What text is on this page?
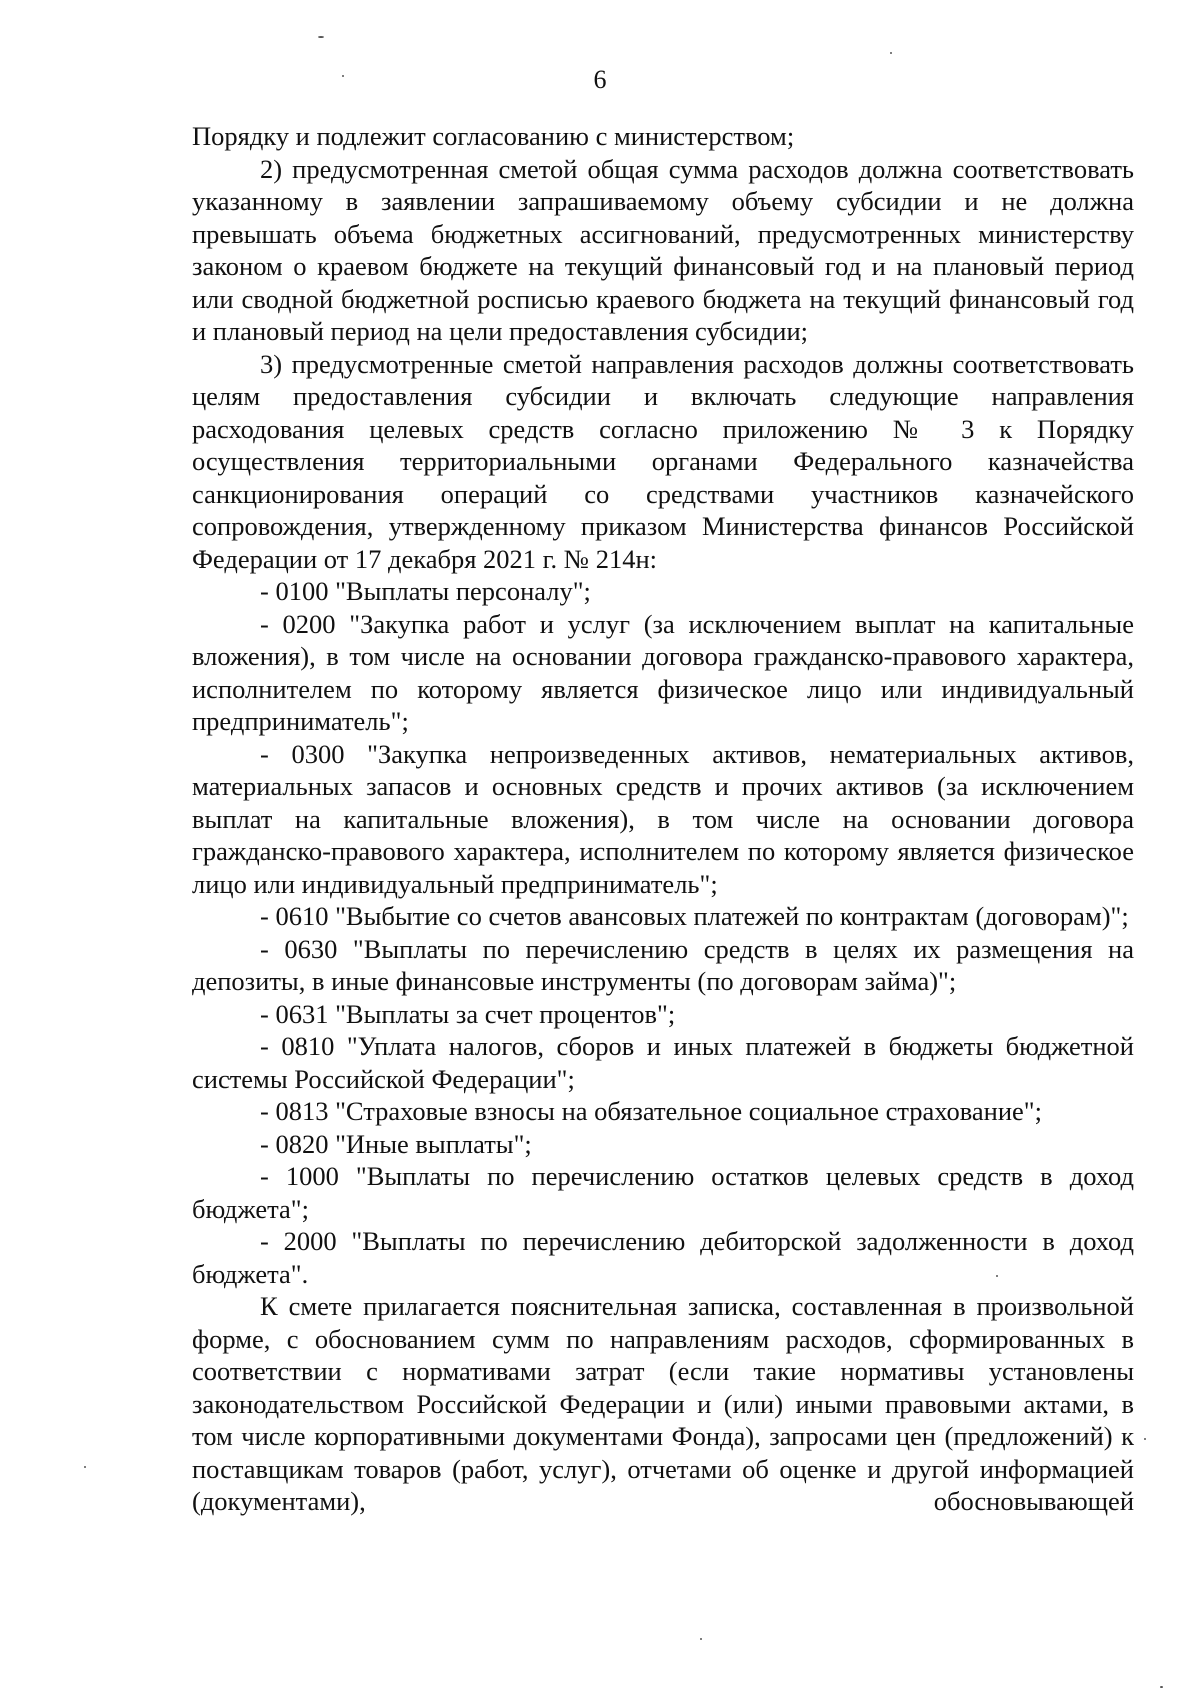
6

Порядку и подлежит согласованию с министерством;

2) предусмотренная сметой общая сумма расходов должна соответствовать указанному в заявлении запрашиваемому объему субсидии и не должна превышать объема бюджетных ассигнований, предусмотренных министерству законом о краевом бюджете на текущий финансовый год и на плановый период или сводной бюджетной росписью краевого бюджета на текущий финансовый год и плановый период на цели предоставления субсидии;

3) предусмотренные сметой направления расходов должны соответствовать целям предоставления субсидии и включать следующие направления расходования целевых средств согласно приложению № 3 к Порядку осуществления территориальными органами Федерального казначейства санкционирования операций со средствами участников казначейского сопровождения, утвержденному приказом Министерства финансов Российской Федерации от 17 декабря 2021 г. № 214н:

- 0100 "Выплаты персоналу";

- 0200 "Закупка работ и услуг (за исключением выплат на капитальные вложения), в том числе на основании договора гражданско-правового характера, исполнителем по которому является физическое лицо или индивидуальный предприниматель";

- 0300 "Закупка непроизведенных активов, нематериальных активов, материальных запасов и основных средств и прочих активов (за исключением выплат на капитальные вложения), в том числе на основании договора гражданско-правового характера, исполнителем по которому является физическое лицо или индивидуальный предприниматель";

- 0610 "Выбытие со счетов авансовых платежей по контрактам (договорам)";

- 0630 "Выплаты по перечислению средств в целях их размещения на депозиты, в иные финансовые инструменты (по договорам займа)";

- 0631 "Выплаты за счет процентов";

- 0810 "Уплата налогов, сборов и иных платежей в бюджеты бюджетной системы Российской Федерации";

- 0813 "Страховые взносы на обязательное социальное страхование";

- 0820 "Иные выплаты";

- 1000 "Выплаты по перечислению остатков целевых средств в доход бюджета";

- 2000 "Выплаты по перечислению дебиторской задолженности в доход бюджета".

К смете прилагается пояснительная записка, составленная в произвольной форме, с обоснованием сумм по направлениям расходов, сформированных в соответствии с нормативами затрат (если такие нормативы установлены законодательством Российской Федерации и (или) иными правовыми актами, в том числе корпоративными документами Фонда), запросами цен (предложений) к поставщикам товаров (работ, услуг), отчетами об оценке и другой информацией (документами), обосновывающей
